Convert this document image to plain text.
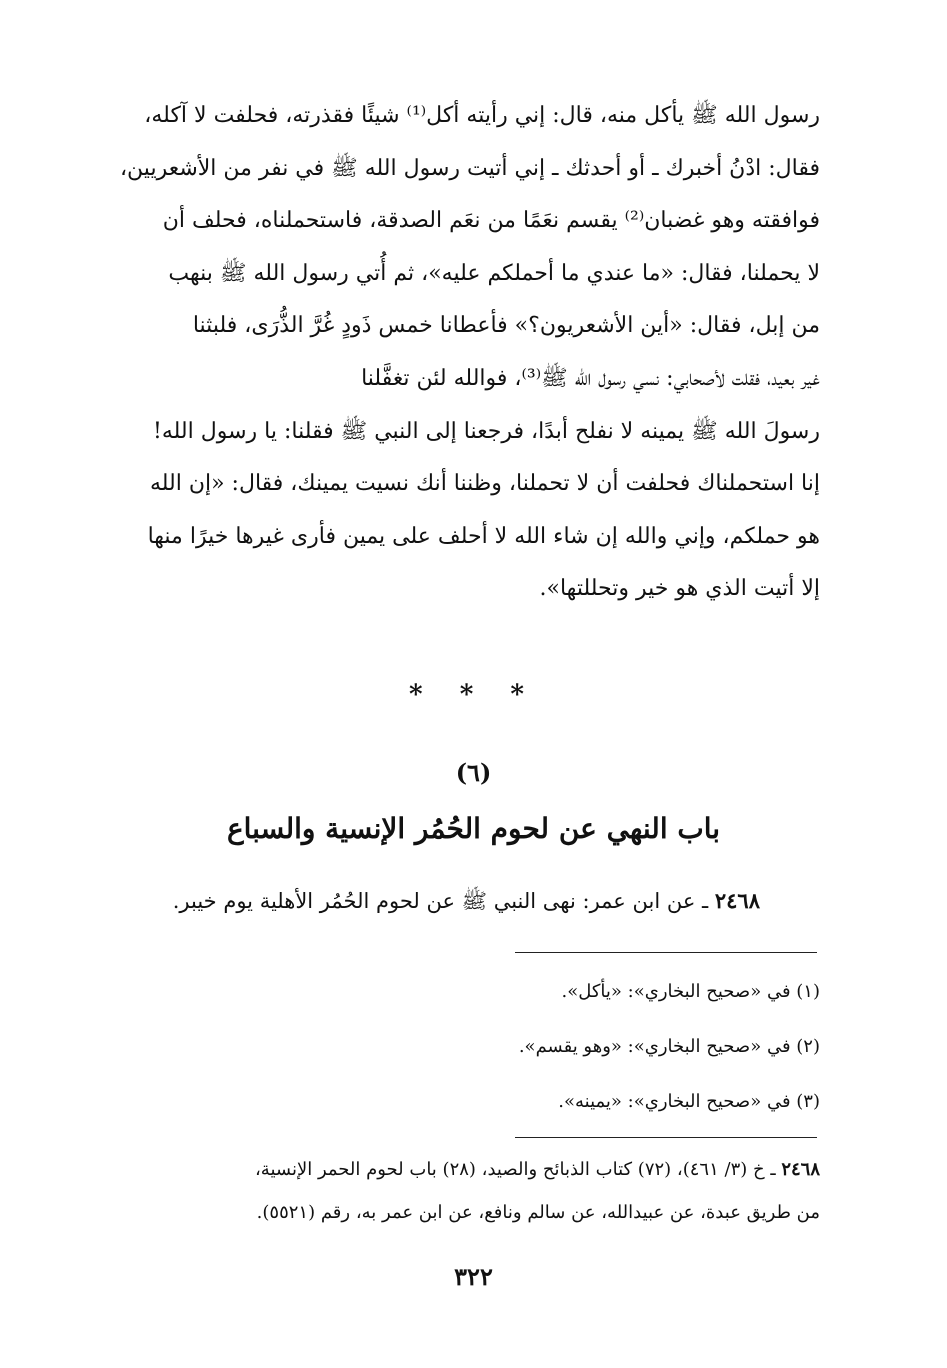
رسول الله ﷺ يأكل منه، قال: إني رأيته أكل⁽¹⁾ شيئًا فقذرته، فحلفت لا آكله،

فقال: ادْنُ أخبرك ـ أو أحدثك ـ إني أتيت رسول الله ﷺ في نفر من الأشعريين،

فوافقته وهو غضبان⁽²⁾ يقسم نعَمًا من نعَم الصدقة، فاستحملناه، فحلف أن

لا يحملنا، فقال: «ما عندي ما أحملكم عليه»، ثم أُتي رسول الله ﷺ بنهب

من إبل، فقال: «أين الأشعريون؟» فأعطانا خمس ذَودٍ غُرَّ الذُّرَى، فلبثنا

غير بعيد، فقلت لأصحابي: نسي رسول الله ﷺ⁽³⁾، فوالله لئن تغفَّلنا

رسولَ الله ﷺ يمينه لا نفلح أبدًا، فرجعنا إلى النبي ﷺ فقلنا: يا رسول الله!

إنا استحملناك فحلفت أن لا تحملنا، وظننا أنك نسيت يمينك، فقال: «إن الله

هو حملكم، وإني والله إن شاء الله لا أحلف على يمين فأرى غيرها خيرًا منها

إلا أتيت الذي هو خير وتحللتها».

* * *
(٦)
باب النهي عن لحوم الحُمُر الإنسية والسباع
٢٤٦٨ ـ عن ابن عمر: نهى النبي ﷺ عن لحوم الحُمُر الأهلية يوم خيبر.
(١) في «صحيح البخاري»: «يأكل».
(٢) في «صحيح البخاري»: «وهو يقسم».
(٣) في «صحيح البخاري»: «يمينه».

٢٤٦٨ ـ خ (٣/ ٤٦١)، (٧٢) كتاب الذبائح والصيد، (٢٨) باب لحوم الحمر الإنسية،

من طريق عبدة، عن عبيدالله، عن سالم ونافع، عن ابن عمر به، رقم (٥٥٢١).

٣٢٢
